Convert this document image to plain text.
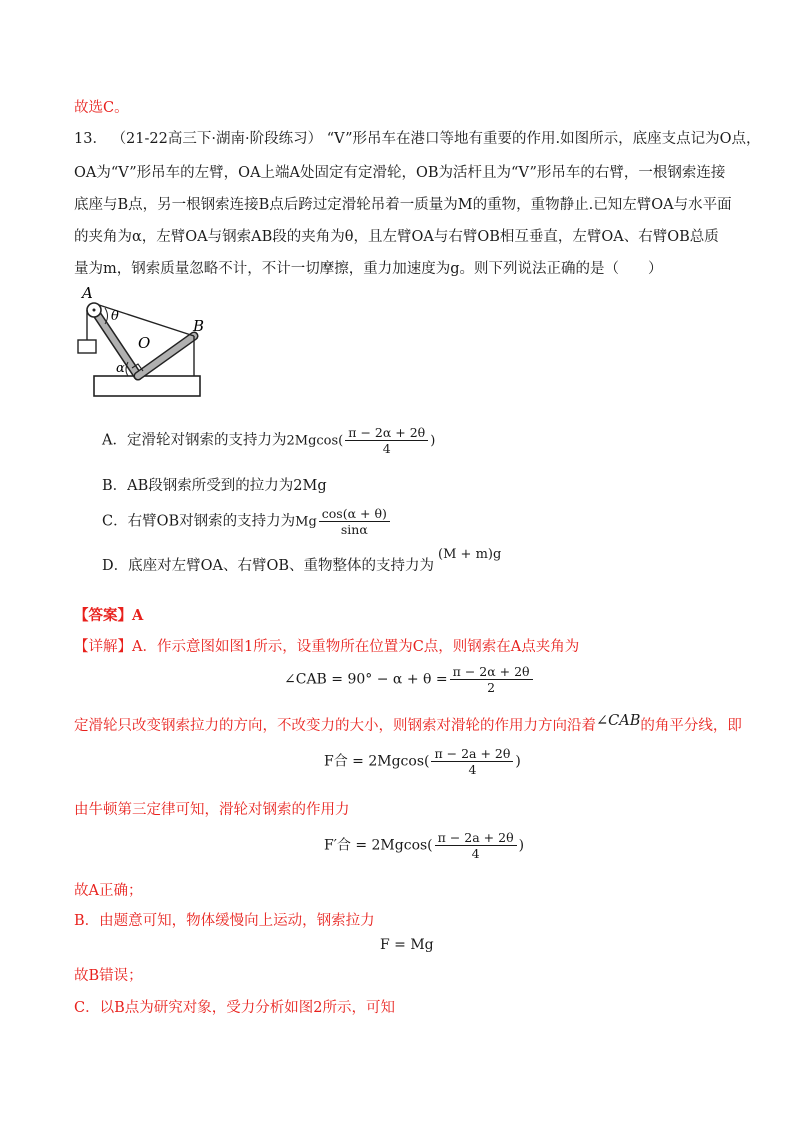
故选C。
13． （21-22高三下·湖南·阶段练习） “V”形吊车在港口等地有重要的作用.如图所示，底座支点记为O点，
OA为“V”形吊车的左臂，OA上端A处固定有定滑轮，OB为活杆且为“V”形吊车的右臂，一根钢索连接
底座与B点，另一根钢索连接B点后跨过定滑轮吊着一质量为M的重物，重物静止.已知左臂OA与水平面
的夹角为α，左臂OA与钢索AB段的夹角为θ，且左臂OA与右臂OB相互垂直，左臂OA、右臂OB总质
量为m，钢索质量忽略不计，不计一切摩擦，重力加速度为g。则下列说法正确的是（　　）
A
θ
B
O
α
A．定滑轮对钢索的支持力为$2Mgcos( \frac{\pi - 2\alpha + 2\theta}{4}$ )
B．AB段钢索所受到的拉力为2Mg
C．右臂OB对钢索的支持力为Mg $\frac{\cos(\alpha + \theta)}{\sin\alpha}$
D．底座对左臂OA、右臂OB、重物整体的支持力为(M + m)g
【答案】A
【详解】A．作示意图如图1所示，设重物所在位置为C点，则钢索在A点夹角为
∠CAB = $90^\circ - \alpha + \theta = \frac{\pi - 2\alpha + 2\theta}{2}$
定滑轮只改变钢索拉力的方向，不改变力的大小，则钢索对滑轮的作用力方向沿着∠CAB的角平分线，即
F合 = $2Mgcos( \frac{\pi - 2a + 2\theta}{4}$ )
由牛顿第三定律可知，滑轮对钢索的作用力
F′合 = $2Mgcos( \frac{\pi - 2a + 2\theta}{4}$ )
故A正确；
B．由题意可知，物体缓慢向上运动，钢索拉力
F = Mg
故B错误；
C．以B点为研究对象，受力分析如图2所示，可知
